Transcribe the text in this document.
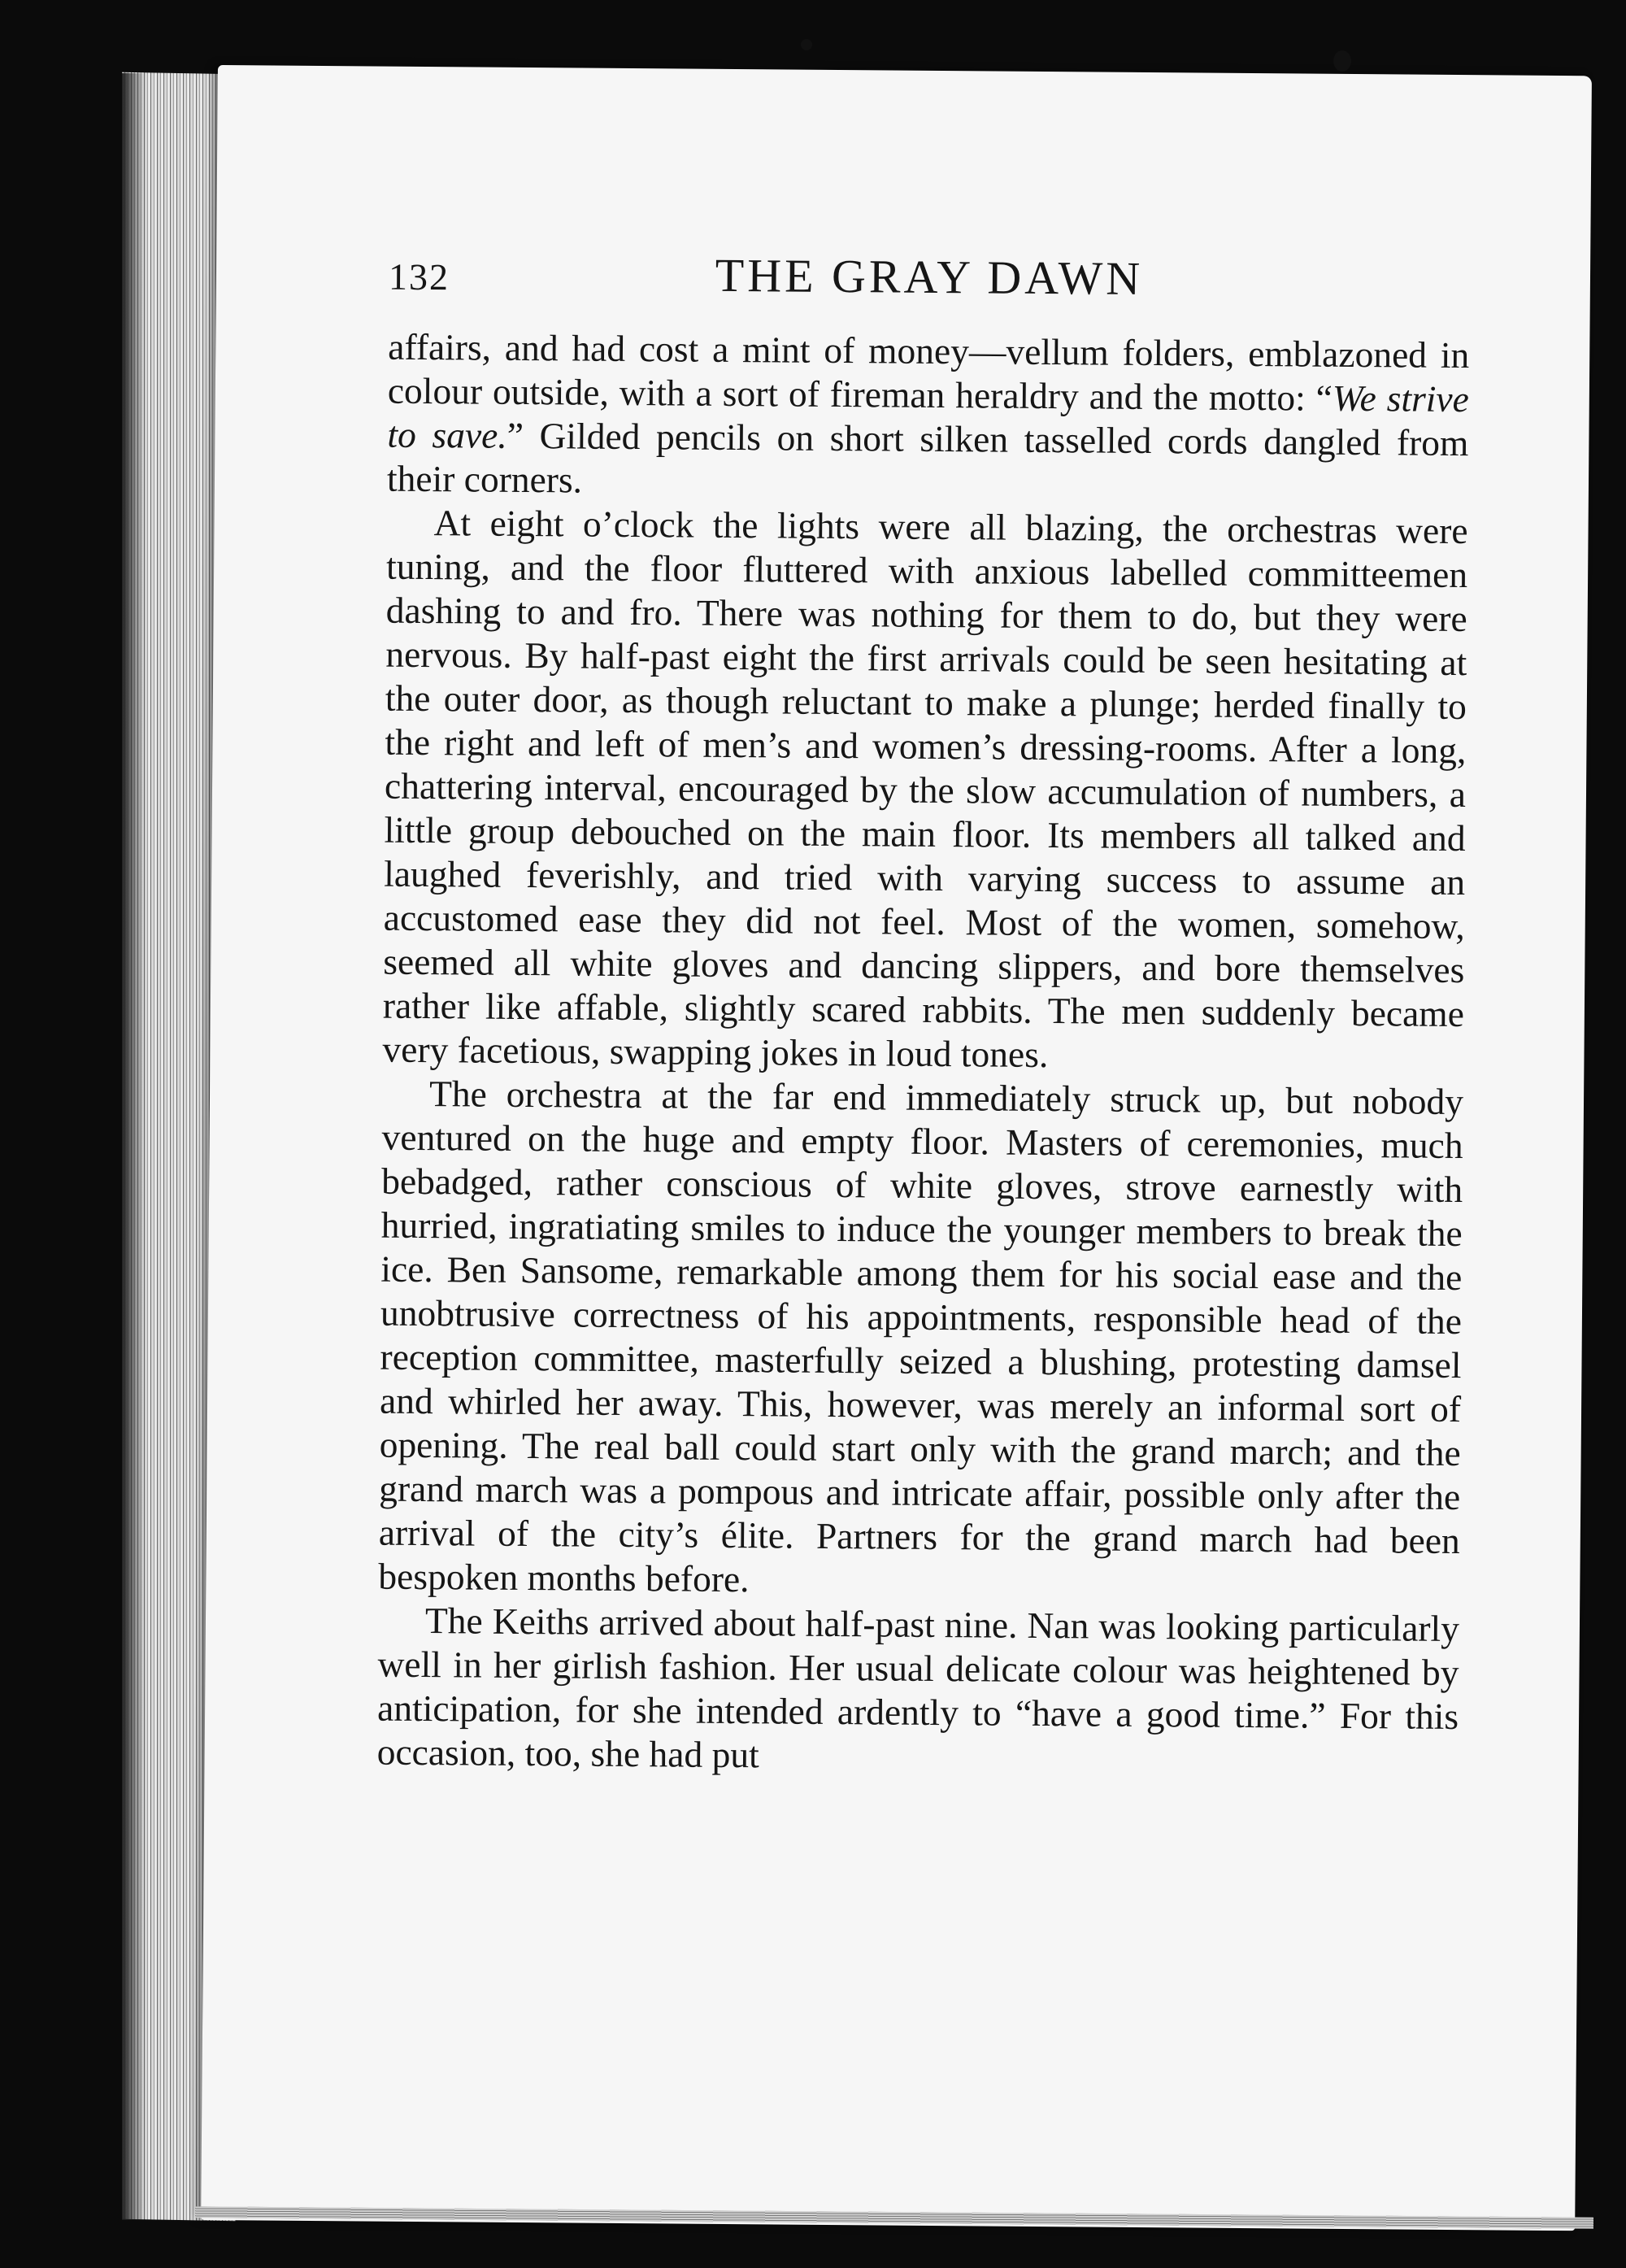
132	THE GRAY DAWN

affairs, and had cost a mint of money—vellum folders, emblazoned in colour outside, with a sort of fireman heraldry and the motto: “We strive to save.” Gilded pencils on short silken tasselled cords dangled from their corners.

At eight o’clock the lights were all blazing, the orchestras were tuning, and the floor fluttered with anxious labelled committeemen dashing to and fro. There was nothing for them to do, but they were nervous. By half-past eight the first arrivals could be seen hesitating at the outer door, as though reluctant to make a plunge; herded finally to the right and left of men’s and women’s dressing-rooms. After a long, chattering interval, encouraged by the slow accumulation of numbers, a little group debouched on the main floor. Its members all talked and laughed feverishly, and tried with varying success to assume an accustomed ease they did not feel. Most of the women, somehow, seemed all white gloves and dancing slippers, and bore themselves rather like affable, slightly scared rabbits. The men suddenly became very facetious, swapping jokes in loud tones.

The orchestra at the far end immediately struck up, but nobody ventured on the huge and empty floor. Masters of ceremonies, much bebadged, rather conscious of white gloves, strove earnestly with hurried, ingratiating smiles to induce the younger members to break the ice. Ben Sansome, remarkable among them for his social ease and the unobtrusive correctness of his appointments, responsible head of the reception committee, masterfully seized a blushing, protesting damsel and whirled her away. This, however, was merely an informal sort of opening. The real ball could start only with the grand march; and the grand march was a pompous and intricate affair, possible only after the arrival of the city’s élite. Partners for the grand march had been bespoken months before.

The Keiths arrived about half-past nine. Nan was looking particularly well in her girlish fashion. Her usual delicate colour was heightened by anticipation, for she intended ardently to “have a good time.” For this occasion, too, she had put
